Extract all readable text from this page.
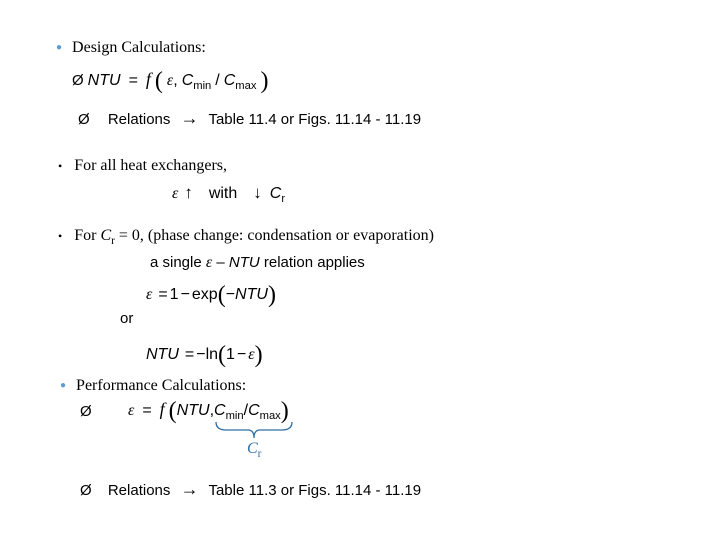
● Design Calculations:
Ø NTU = f ( ε, $C_{min} / C_{max}$ )
Ø Relations → Table 11.4 or Figs. 11.14 - 11.19
• For all heat exchangers,
ε ↑ with ↓ $C_r$
• For $C_r = 0$, (phase change: condensation or evaporation)
a single ε – NTU relation applies
ε = 1 − exp(−NTU)
or
NTU = −ln(1 − ε)
● Performance Calculations:
Ø ε = f $(NTU,C_{min}/C_{max})$
$C_r$
Ø Relations → Table 11.3 or Figs. 11.14 - 11.19
